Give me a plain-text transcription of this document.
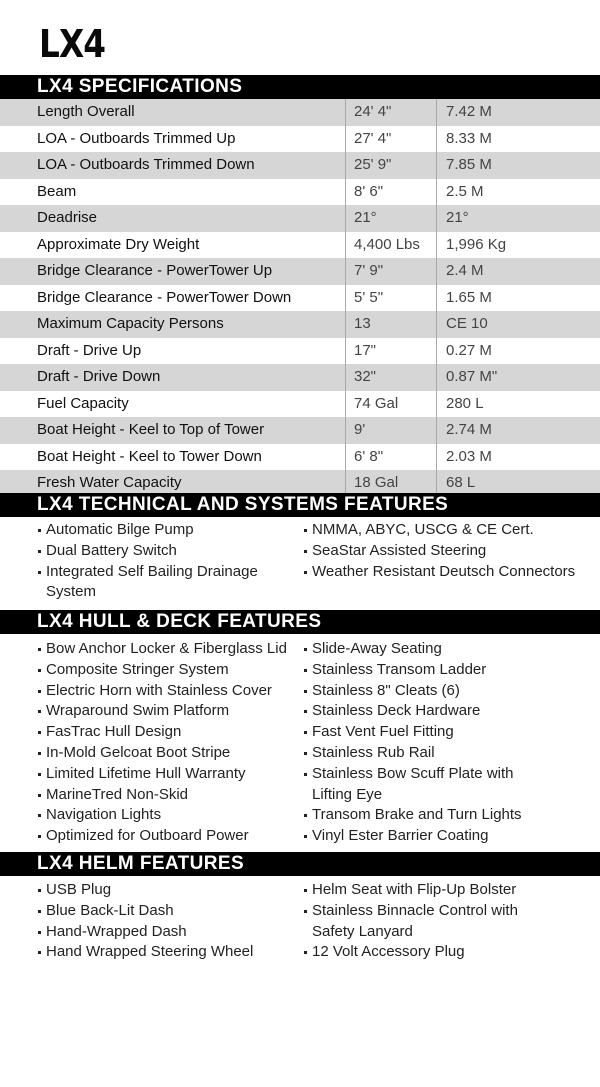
LX4
LX4 SPECIFICATIONS
Length Overall	24' 4"	7.42 M
LOA - Outboards Trimmed Up	27' 4"	8.33 M
LOA - Outboards Trimmed Down	25' 9"	7.85 M
Beam	8' 6"	2.5 M
Deadrise	21°	21°
Approximate Dry Weight	4,400 Lbs	1,996 Kg
Bridge Clearance - PowerTower Up	7' 9"	2.4 M
Bridge Clearance - PowerTower Down	5' 5"	1.65 M
Maximum Capacity Persons	13	CE 10
Draft - Drive Up	17"	0.27 M
Draft - Drive Down	32"	0.87 M"
Fuel Capacity	74 Gal	280 L
Boat Height - Keel to Top of Tower	9'	2.74 M
Boat Height - Keel to Tower Down	6' 8"	2.03 M
Fresh Water Capacity	18 Gal	68 L
LX4 TECHNICAL AND SYSTEMS FEATURES
Automatic Bilge Pump
Dual Battery Switch
Integrated Self Bailing Drainage
System
NMMA, ABYC, USCG & CE Cert.
SeaStar Assisted Steering
Weather Resistant Deutsch Connectors
LX4 HULL & DECK FEATURES
Bow Anchor Locker & Fiberglass Lid
Composite Stringer System
Electric Horn with Stainless Cover
Wraparound Swim Platform
FasTrac Hull Design
In-Mold Gelcoat Boot Stripe
Limited Lifetime Hull Warranty
MarineTred Non-Skid
Navigation Lights
Optimized for Outboard Power
Slide-Away Seating
Stainless Transom Ladder
Stainless 8" Cleats (6)
Stainless Deck Hardware
Fast Vent Fuel Fitting
Stainless Rub Rail
Stainless Bow Scuff Plate with
Lifting Eye
Transom Brake and Turn Lights
Vinyl Ester Barrier Coating
LX4 HELM FEATURES
USB Plug
Blue Back-Lit Dash
Hand-Wrapped Dash
Hand Wrapped Steering Wheel
Helm Seat with Flip-Up Bolster
Stainless Binnacle Control with
Safety Lanyard
12 Volt Accessory Plug
